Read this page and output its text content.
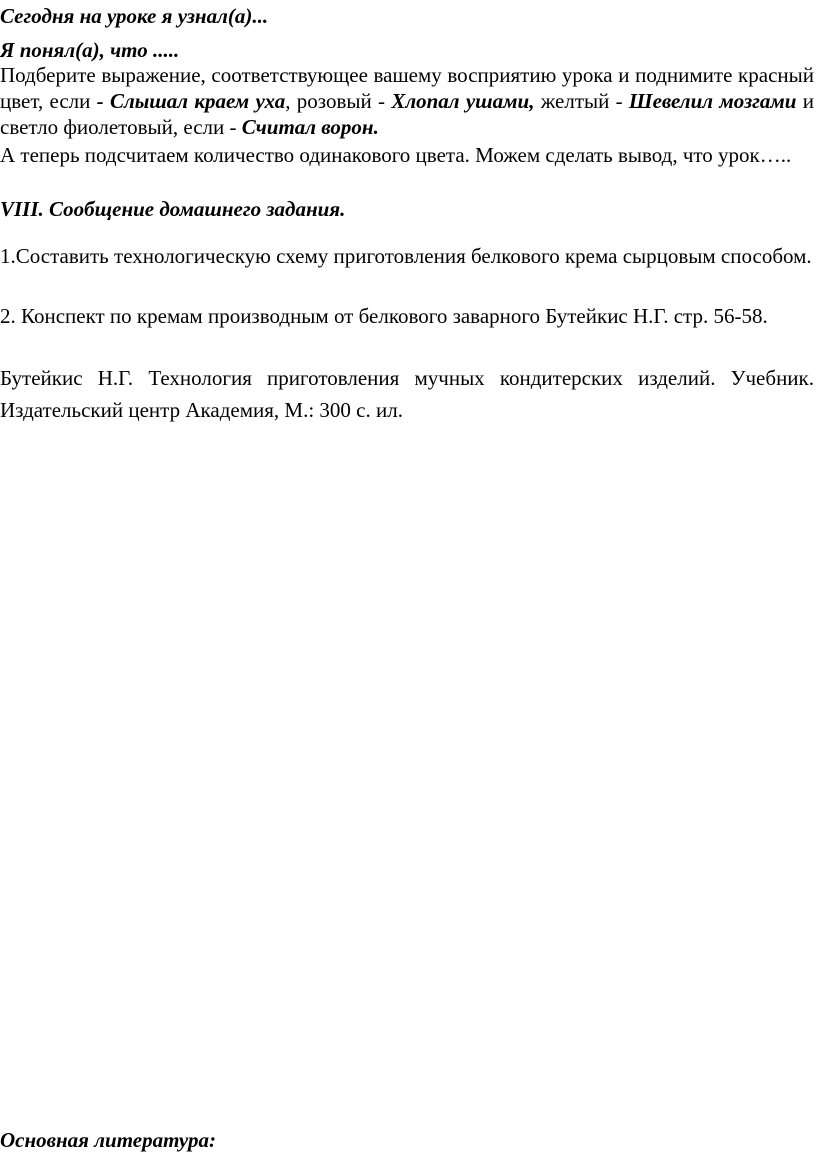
Сегодня на уроке я узнал(а)...

Я понял(а), что .....

Подберите выражение, соответствующее вашему восприятию урока и поднимите красный цвет, если - Слышал краем уха, розовый - Хлопал ушами, желтый - Шевелил мозгами и светло фиолетовый, если - Считал ворон.

А теперь подсчитаем количество одинакового цвета. Можем сделать вывод, что урок…..

VIII. Сообщение домашнего задания.

1.Составить технологическую схему приготовления белкового крема сырцовым способом.

2. Конспект по кремам производным от белкового заварного Бутейкис Н.Г. стр. 56-58.

Бутейкис Н.Г. Технология приготовления мучных кондитерских изделий. Учебник. Издательский центр Академия, М.: 300 с. ил.

Основная литература:
